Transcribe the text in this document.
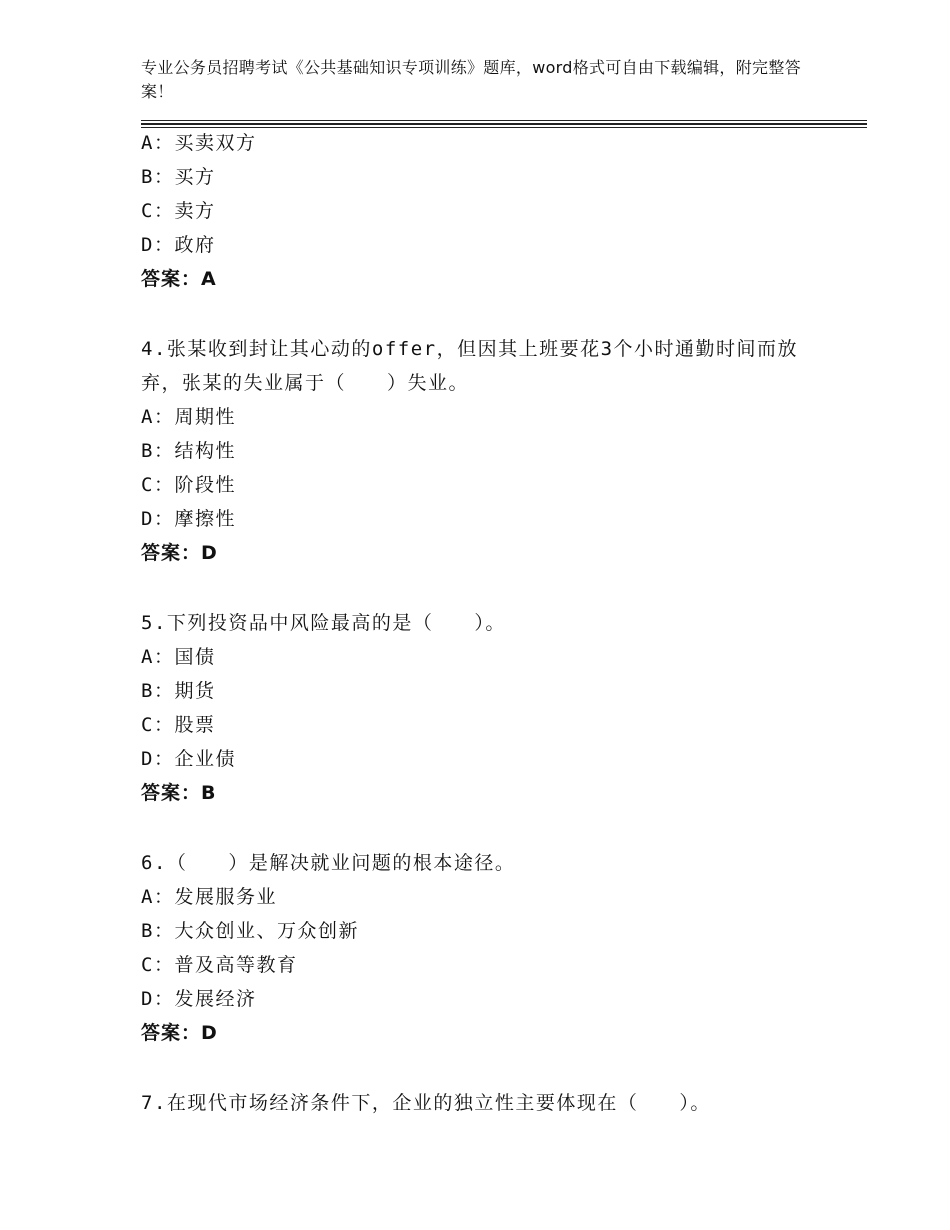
专业公务员招聘考试《公共基础知识专项训练》题库，word格式可自由下载编辑，附完整答案！
A：买卖双方
B：买方
C：卖方
D：政府
答案：A
4.张某收到封让其心动的offer，但因其上班要花3个小时通勤时间而放弃，张某的失业属于（　　）失业。
A：周期性
B：结构性
C：阶段性
D：摩擦性
答案：D
5.下列投资品中风险最高的是（　　）。
A：国债
B：期货
C：股票
D：企业债
答案：B
6.（　　）是解决就业问题的根本途径。
A：发展服务业
B：大众创业、万众创新
C：普及高等教育
D：发展经济
答案：D
7.在现代市场经济条件下，企业的独立性主要体现在（　　）。
